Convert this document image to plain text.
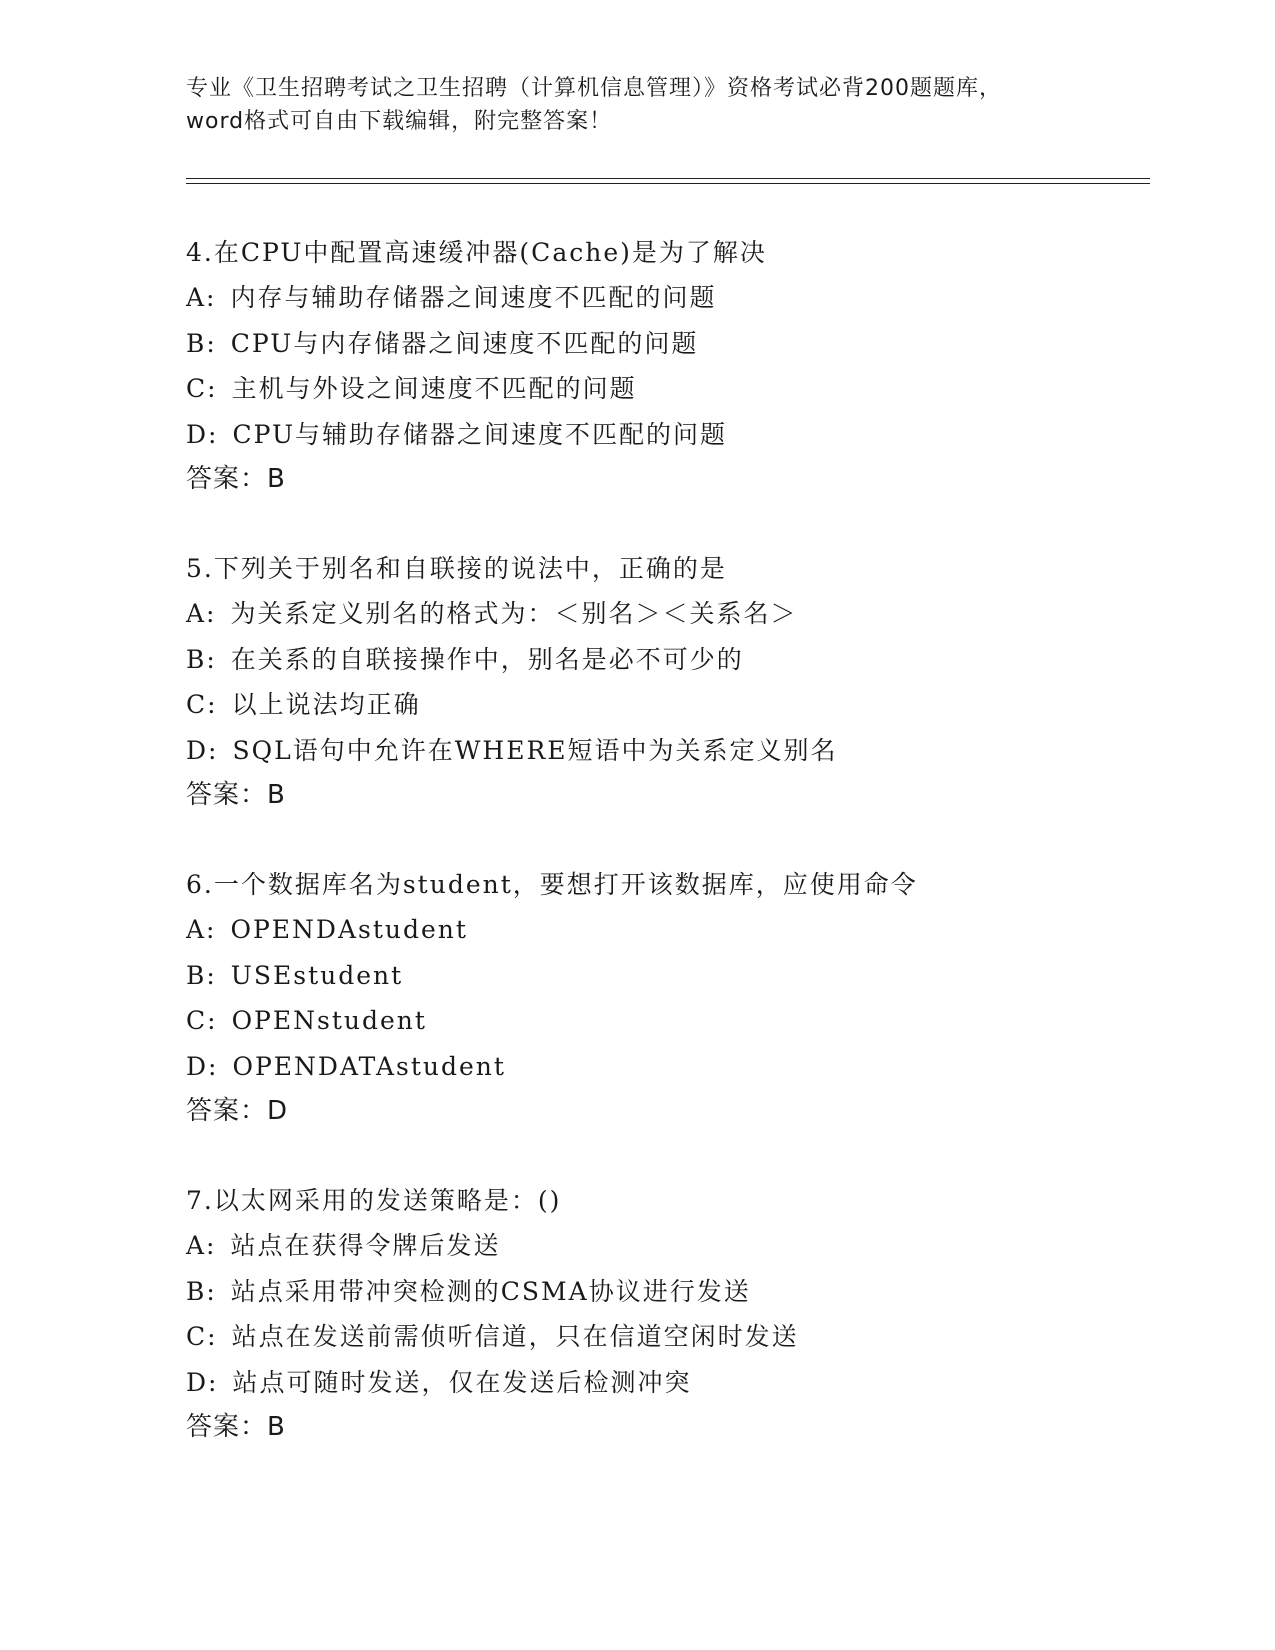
专业《卫生招聘考试之卫生招聘（计算机信息管理）》资格考试必背200题题库，
word格式可自由下载编辑，附完整答案！
4.在CPU中配置高速缓冲器(Cache)是为了解决
A: 内存与辅助存储器之间速度不匹配的问题
B: CPU与内存储器之间速度不匹配的问题
C: 主机与外设之间速度不匹配的问题
D: CPU与辅助存储器之间速度不匹配的问题
答案：B
5.下列关于别名和自联接的说法中，正确的是
A: 为关系定义别名的格式为：＜别名＞＜关系名＞
B: 在关系的自联接操作中，别名是必不可少的
C: 以上说法均正确
D: SQL语句中允许在WHERE短语中为关系定义别名
答案：B
6.一个数据库名为student，要想打开该数据库，应使用命令
A: OPENDAstudent
B: USEstudent
C: OPENstudent
D: OPENDATAstudent
答案：D
7.以太网采用的发送策略是：()
A: 站点在获得令牌后发送
B: 站点采用带冲突检测的CSMA协议进行发送
C: 站点在发送前需侦听信道，只在信道空闲时发送
D: 站点可随时发送，仅在发送后检测冲突
答案：B
